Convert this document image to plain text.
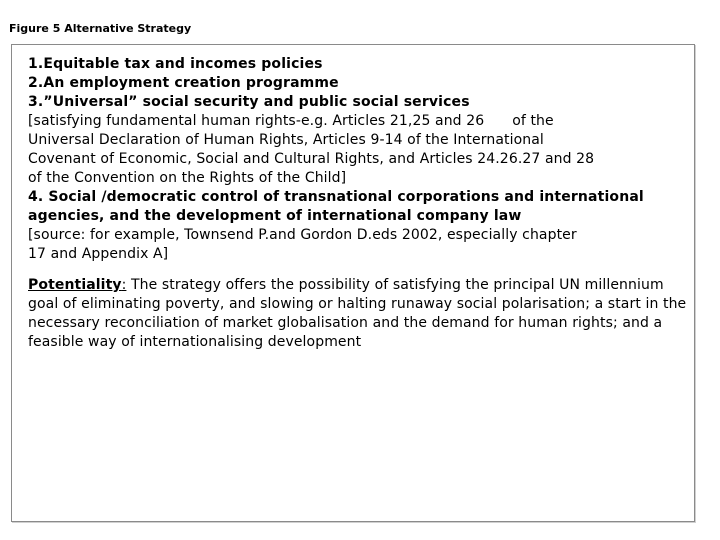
Figure 5 Alternative Strategy
1.Equitable tax and incomes policies
2.An employment creation programme
3.”Universal” social security and public social services
[satisfying fundamental human rights-e.g. Articles 21,25 and 26 of the
Universal Declaration of Human Rights, Articles 9-14 of the International
Covenant of Economic, Social and Cultural Rights, and Articles 24.26.27 and 28
of the Convention on the Rights of the Child]
4. Social /democratic control of transnational corporations and international agencies, and the development of international company law
[source: for example, Townsend P.and Gordon D.eds 2002, especially chapter
17 and Appendix A]
Potentiality: The strategy offers the possibility of satisfying the principal UN millennium goal of eliminating poverty, and slowing or halting runaway social polarisation; a start in the necessary reconciliation of market globalisation and the demand for human rights; and a feasible way of internationalising development
